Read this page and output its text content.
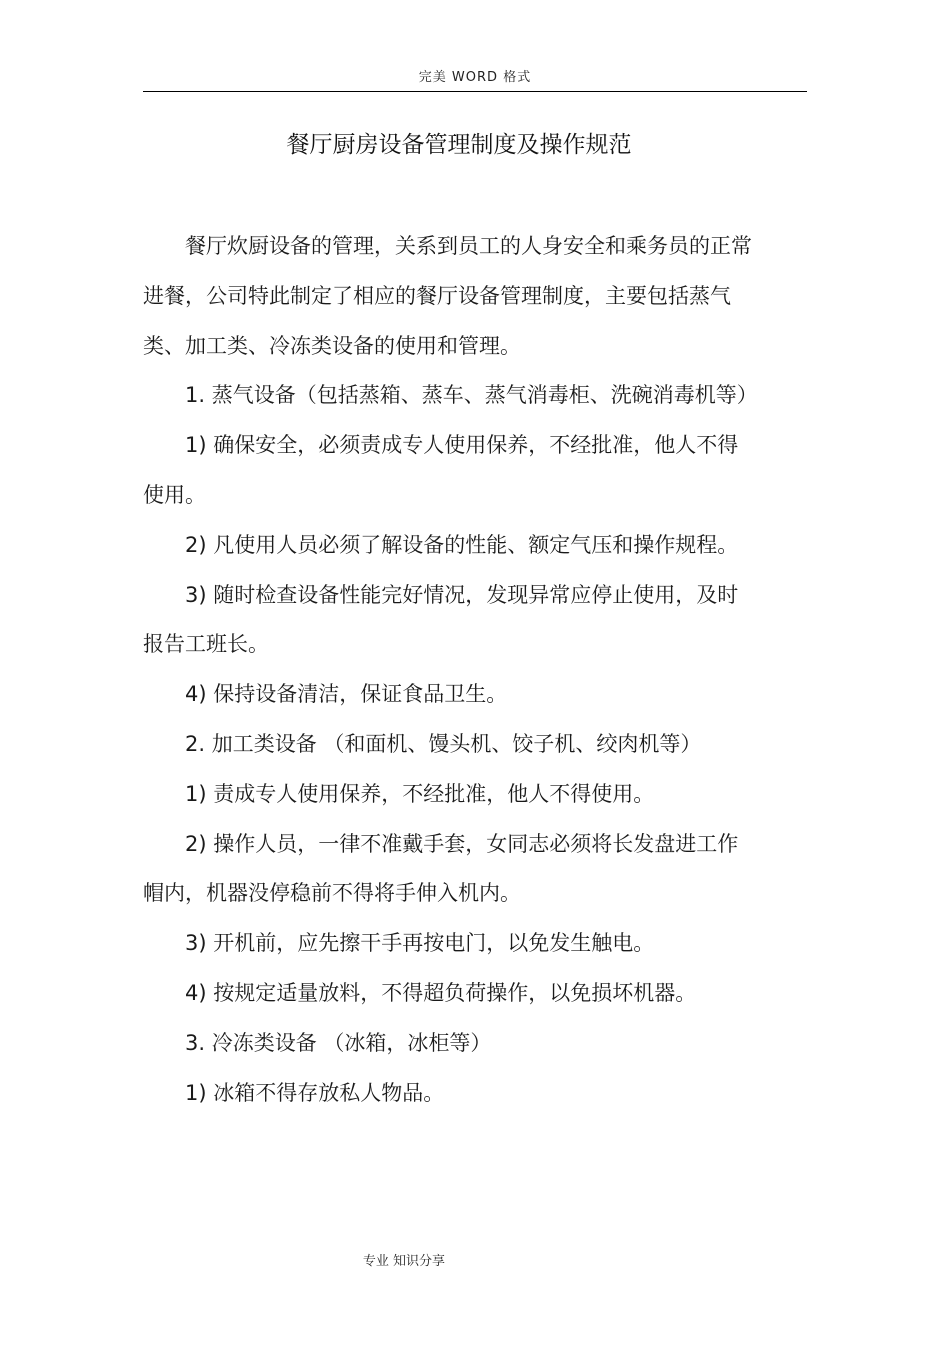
完美 WORD 格式
餐厅厨房设备管理制度及操作规范

餐厅炊厨设备的管理，关系到员工的人身安全和乘务员的正常进餐，公司特此制定了相应的餐厅设备管理制度，主要包括蒸气类、加工类、冷冻类设备的使用和管理。

1. 蒸气设备（包括蒸箱、蒸车、蒸气消毒柜、洗碗消毒机等）

1) 确保安全，必须责成专人使用保养，不经批准，他人不得使用。

2) 凡使用人员必须了解设备的性能、额定气压和操作规程。

3) 随时检查设备性能完好情况，发现异常应停止使用，及时报告工班长。

4) 保持设备清洁，保证食品卫生。

2. 加工类设备 （和面机、馒头机、饺子机、绞肉机等）

1) 责成专人使用保养，不经批准，他人不得使用。

2) 操作人员，一律不准戴手套，女同志必须将长发盘进工作帽内，机器没停稳前不得将手伸入机内。

3) 开机前，应先擦干手再按电门，以免发生触电。

4) 按规定适量放料，不得超负荷操作，以免损坏机器。

3. 冷冻类设备 （冰箱，冰柜等）

1) 冰箱不得存放私人物品。

专业 知识分享
